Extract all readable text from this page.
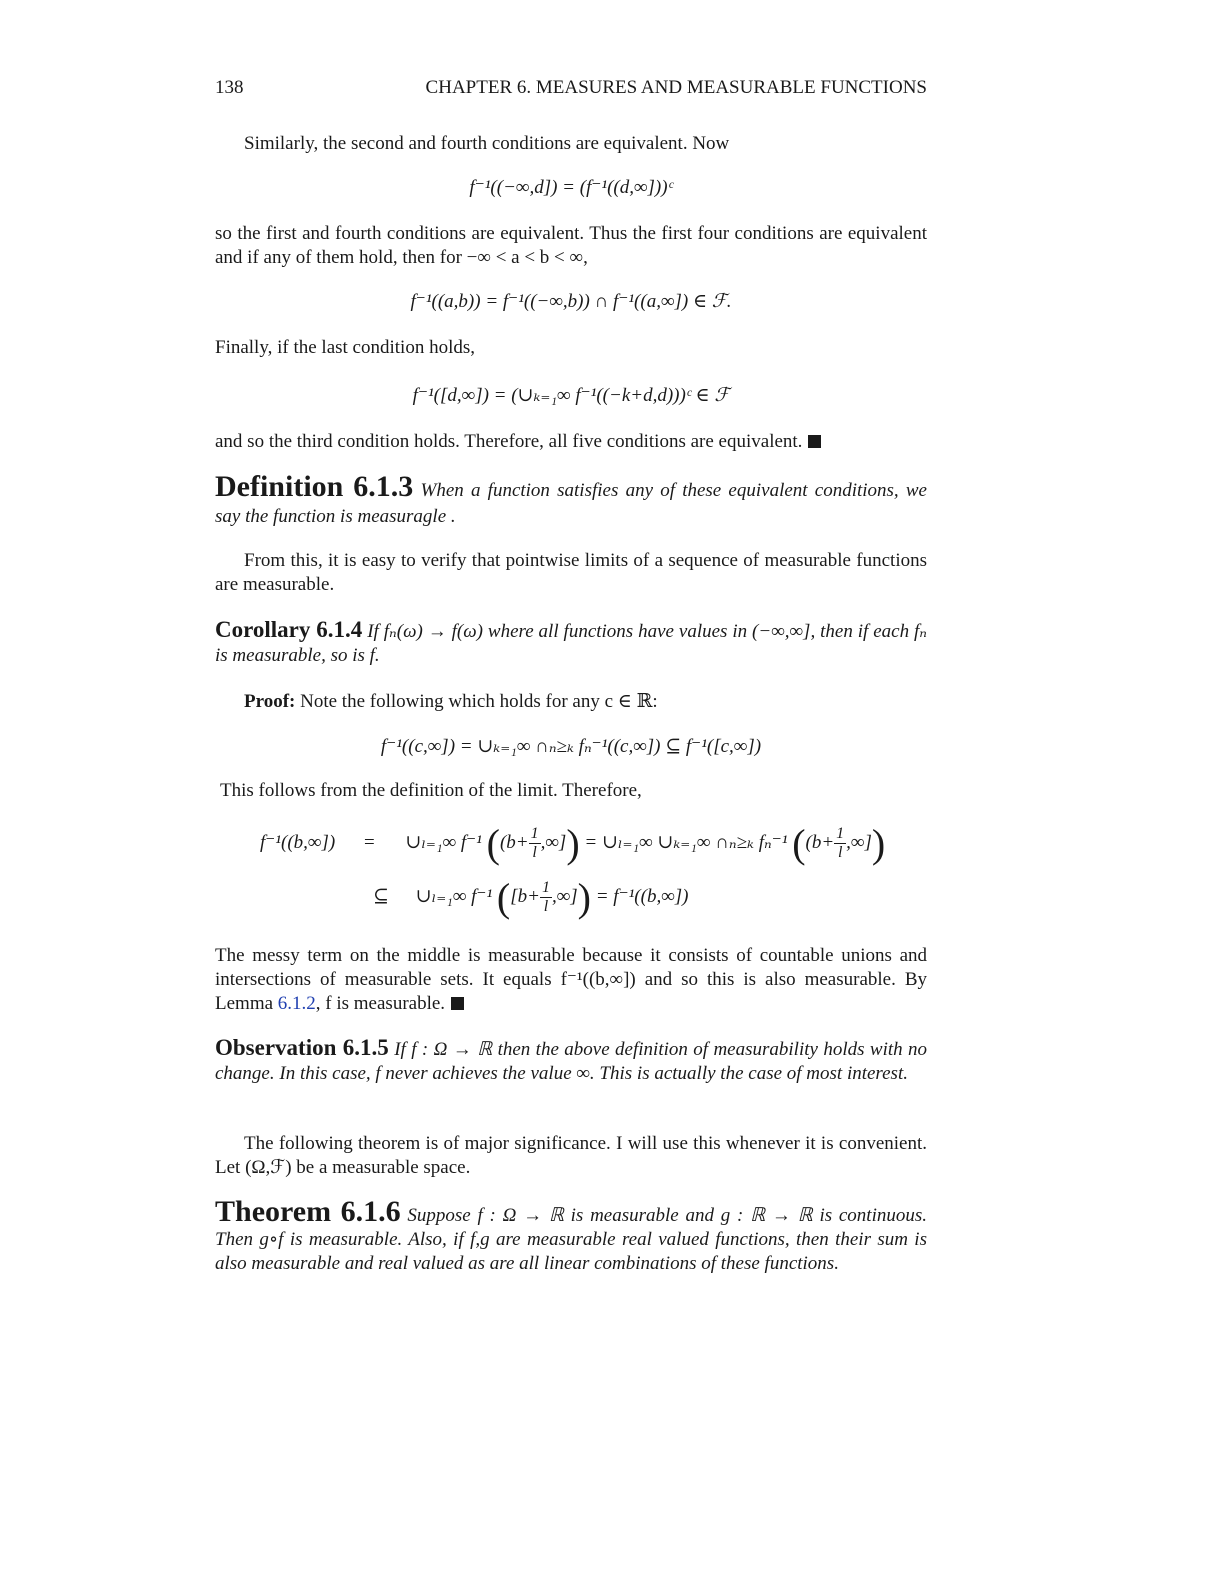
138	CHAPTER 6. MEASURES AND MEASURABLE FUNCTIONS
Similarly, the second and fourth conditions are equivalent. Now
f⁻¹((−∞,d]) = (f⁻¹((d,∞]))ᶜ
so the first and fourth conditions are equivalent. Thus the first four conditions are equivalent and if any of them hold, then for −∞ < a < b < ∞,
f⁻¹((a,b)) = f⁻¹((−∞,b)) ∩ f⁻¹((a,∞]) ∈ ℱ.
Finally, if the last condition holds,
f⁻¹([d,∞]) = (∪ₖ₌₁∞ f⁻¹((−k+d,d)))ᶜ ∈ ℱ
and so the third condition holds. Therefore, all five conditions are equivalent.
Definition 6.1.3 When a function satisfies any of these equivalent conditions, we say the function is measuragle .
From this, it is easy to verify that pointwise limits of a sequence of measurable functions are measurable.
Corollary 6.1.4 If fₙ(ω) → f(ω) where all functions have values in (−∞,∞], then if each fₙ is measurable, so is f.
Proof: Note the following which holds for any c ∈ ℝ:
f⁻¹((c,∞]) = ∪ₖ₌₁∞ ∩ₙ≥ₖ fₙ⁻¹((c,∞]) ⊆ f⁻¹([c,∞])
This follows from the definition of the limit. Therefore,
f⁻¹((b,∞]) = ∪ₗ₌₁∞ f⁻¹ (($b+ \frac{1}{l}$ ,∞]) = ∪ₗ₌₁∞ ∪ₖ₌₁∞ ∩ₙ≥ₖ fₙ⁻¹ (($b+ \frac{1}{l}$ ,∞])
⊆ ∪ₗ₌₁∞ f⁻¹ ([$b+ \frac{1}{l}$ ,∞]) = f⁻¹((b,∞])
The messy term on the middle is measurable because it consists of countable unions and intersections of measurable sets. It equals f⁻¹((b,∞]) and so this is also measurable. By Lemma 6.1.2, f is measurable.
Observation 6.1.5 If f : Ω → ℝ then the above definition of measurability holds with no change. In this case, f never achieves the value ∞. This is actually the case of most interest.
The following theorem is of major significance. I will use this whenever it is convenient. Let (Ω,ℱ) be a measurable space.
Theorem 6.1.6 Suppose f : Ω → ℝ is measurable and g : ℝ → ℝ is continuous. Then g∘f is measurable. Also, if f,g are measurable real valued functions, then their sum is also measurable and real valued as are all linear combinations of these functions.
